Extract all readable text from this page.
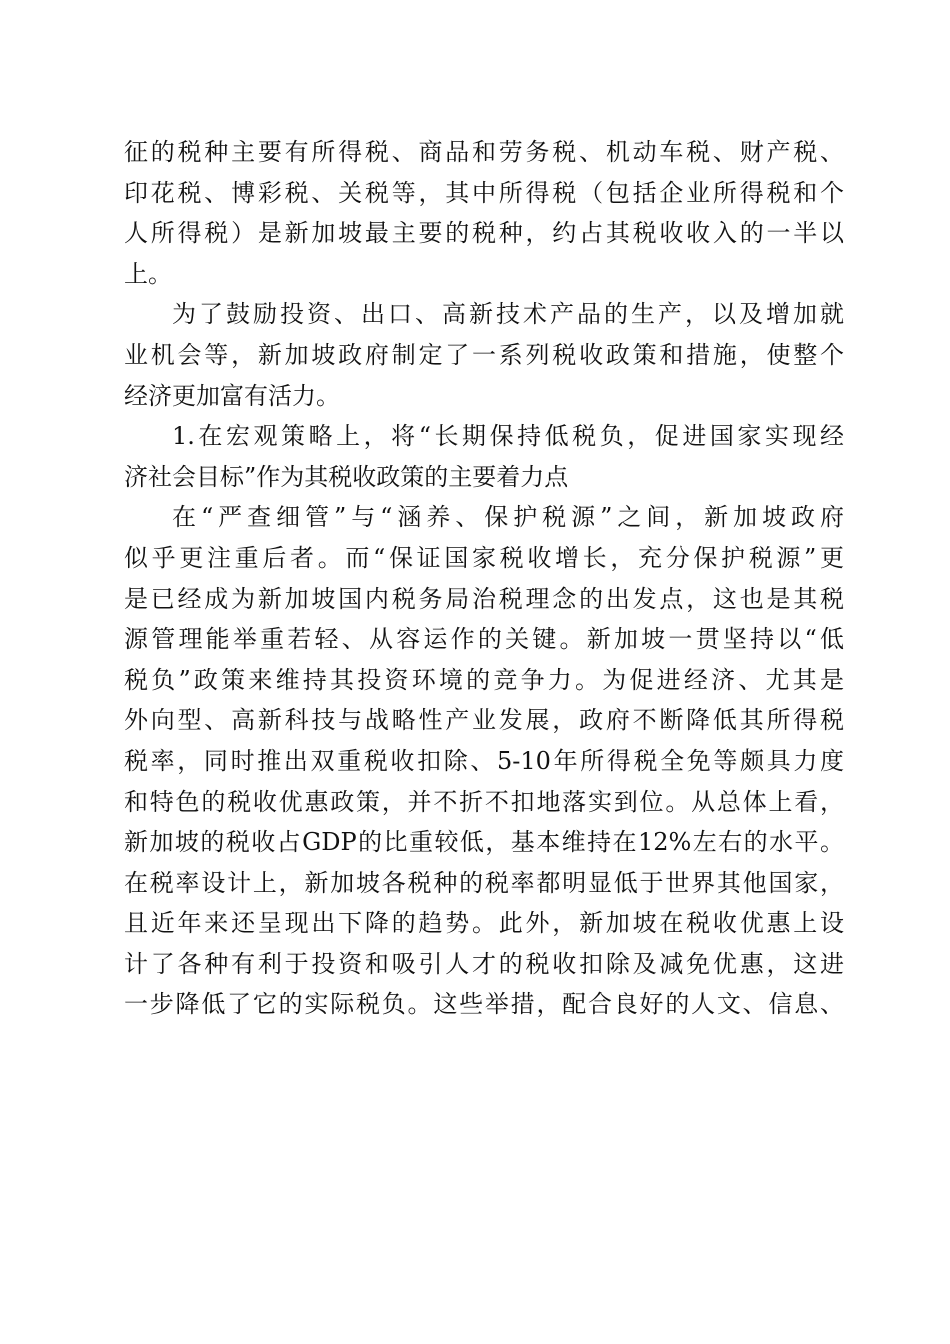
征的税种主要有所得税、商品和劳务税、机动车税、财产税、
印花税、博彩税、关税等，其中所得税（包括企业所得税和个
人所得税）是新加坡最主要的税种，约占其税收收入的一半以
上。
为了鼓励投资、出口、高新技术产品的生产，以及增加就
业机会等，新加坡政府制定了一系列税收政策和措施，使整个
经济更加富有活力。
1.在宏观策略上，将“长期保持低税负，促进国家实现经
济社会目标”作为其税收政策的主要着力点
在“严查细管”与“涵养、保护税源”之间，新加坡政府
似乎更注重后者。而“保证国家税收增长，充分保护税源”更
是已经成为新加坡国内税务局治税理念的出发点，这也是其税
源管理能举重若轻、从容运作的关键。新加坡一贯坚持以“低
税负”政策来维持其投资环境的竞争力。为促进经济、尤其是
外向型、高新科技与战略性产业发展，政府不断降低其所得税
税率，同时推出双重税收扣除、5-10年所得税全免等颇具力度
和特色的税收优惠政策，并不折不扣地落实到位。从总体上看，
新加坡的税收占GDP的比重较低，基本维持在12%左右的水平。
在税率设计上，新加坡各税种的税率都明显低于世界其他国家，
且近年来还呈现出下降的趋势。此外，新加坡在税收优惠上设
计了各种有利于投资和吸引人才的税收扣除及减免优惠，这进
一步降低了它的实际税负。这些举措，配合良好的人文、信息、
